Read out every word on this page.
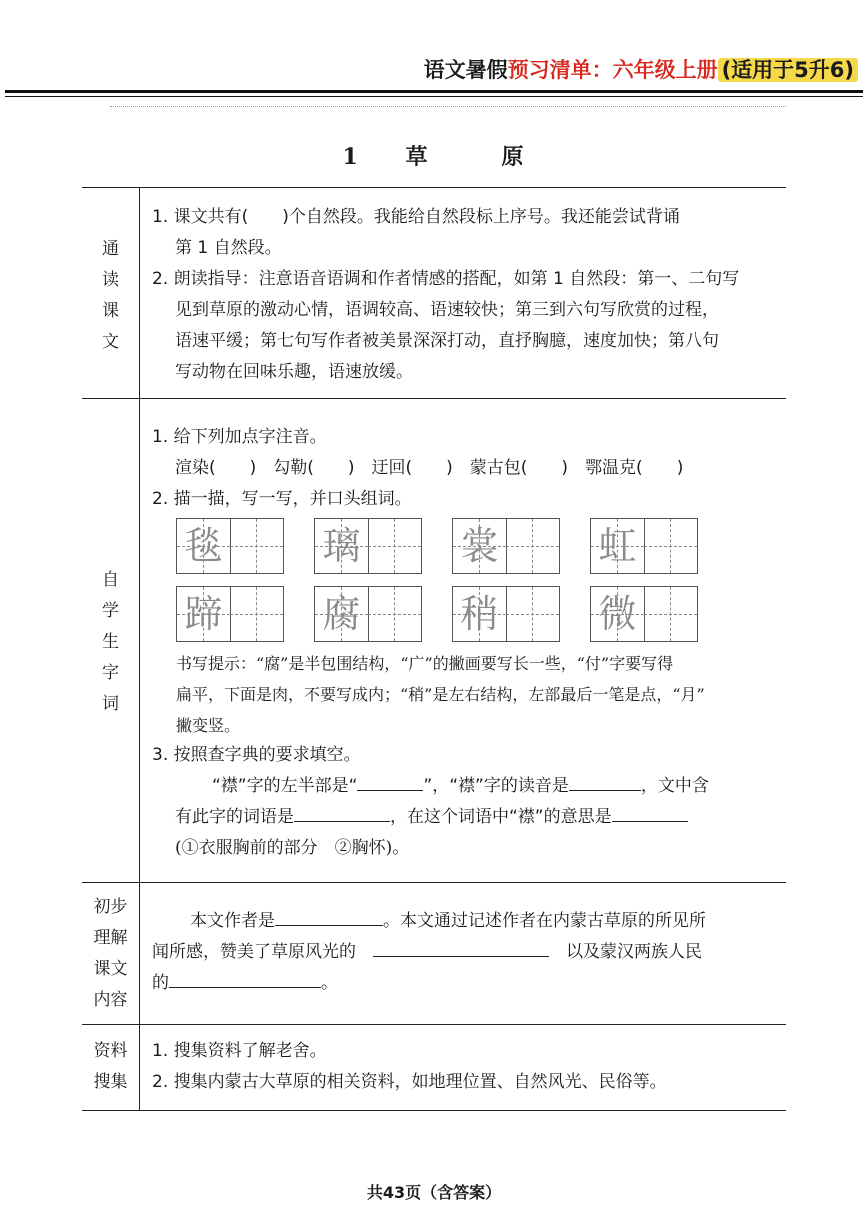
语文暑假预习清单：六年级上册 (适用于5升6)
1 草	原
通
读
课
文
1. 课文共有(　　)个自然段。我能给自然段标上序号。我还能尝试背诵
第 1 自然段。
2. 朗读指导：注意语音语调和作者情感的搭配，如第 1 自然段：第一、二句写
见到草原的激动心情，语调较高、语速较快；第三到六句写欣赏的过程，
语速平缓；第七句写作者被美景深深打动，直抒胸臆，速度加快；第八句
写动物在回味乐趣，语速放缓。
自
学
生
字
词
1. 给下列加点字注音。
渲染(　　)　 勾勒(　　)　 迂回(　　)　 蒙古包(　　)　 鄂温克(　　)
2. 描一描，写一写，并口头组词。
毯	璃	裳	虹
蹄	腐	稍	微
书写提示：“腐”是半包围结构，“广”的撇画要写长一些，“付”字要写得
扁平，下面是肉，不要写成内；“稍”是左右结构，左部最后一笔是点，“月”
撇变竖。
3. 按照查字典的要求填空。
“襟”字的左半部是“	”，“襟”字的读音是	，文中含
有此字的词语是	，在这个词语中“襟”的意思是
(①衣服胸前的部分　②胸怀)。
初步
理解
课文
内容
本文作者是	。本文通过记述作者在内蒙古草原的所见所
闻所感，赞美了草原风光的　　	以及蒙汉两族人民
的	。
资料
搜集
1. 搜集资料了解老舍。
2. 搜集内蒙古大草原的相关资料，如地理位置、自然风光、民俗等。
共43页（含答案）
